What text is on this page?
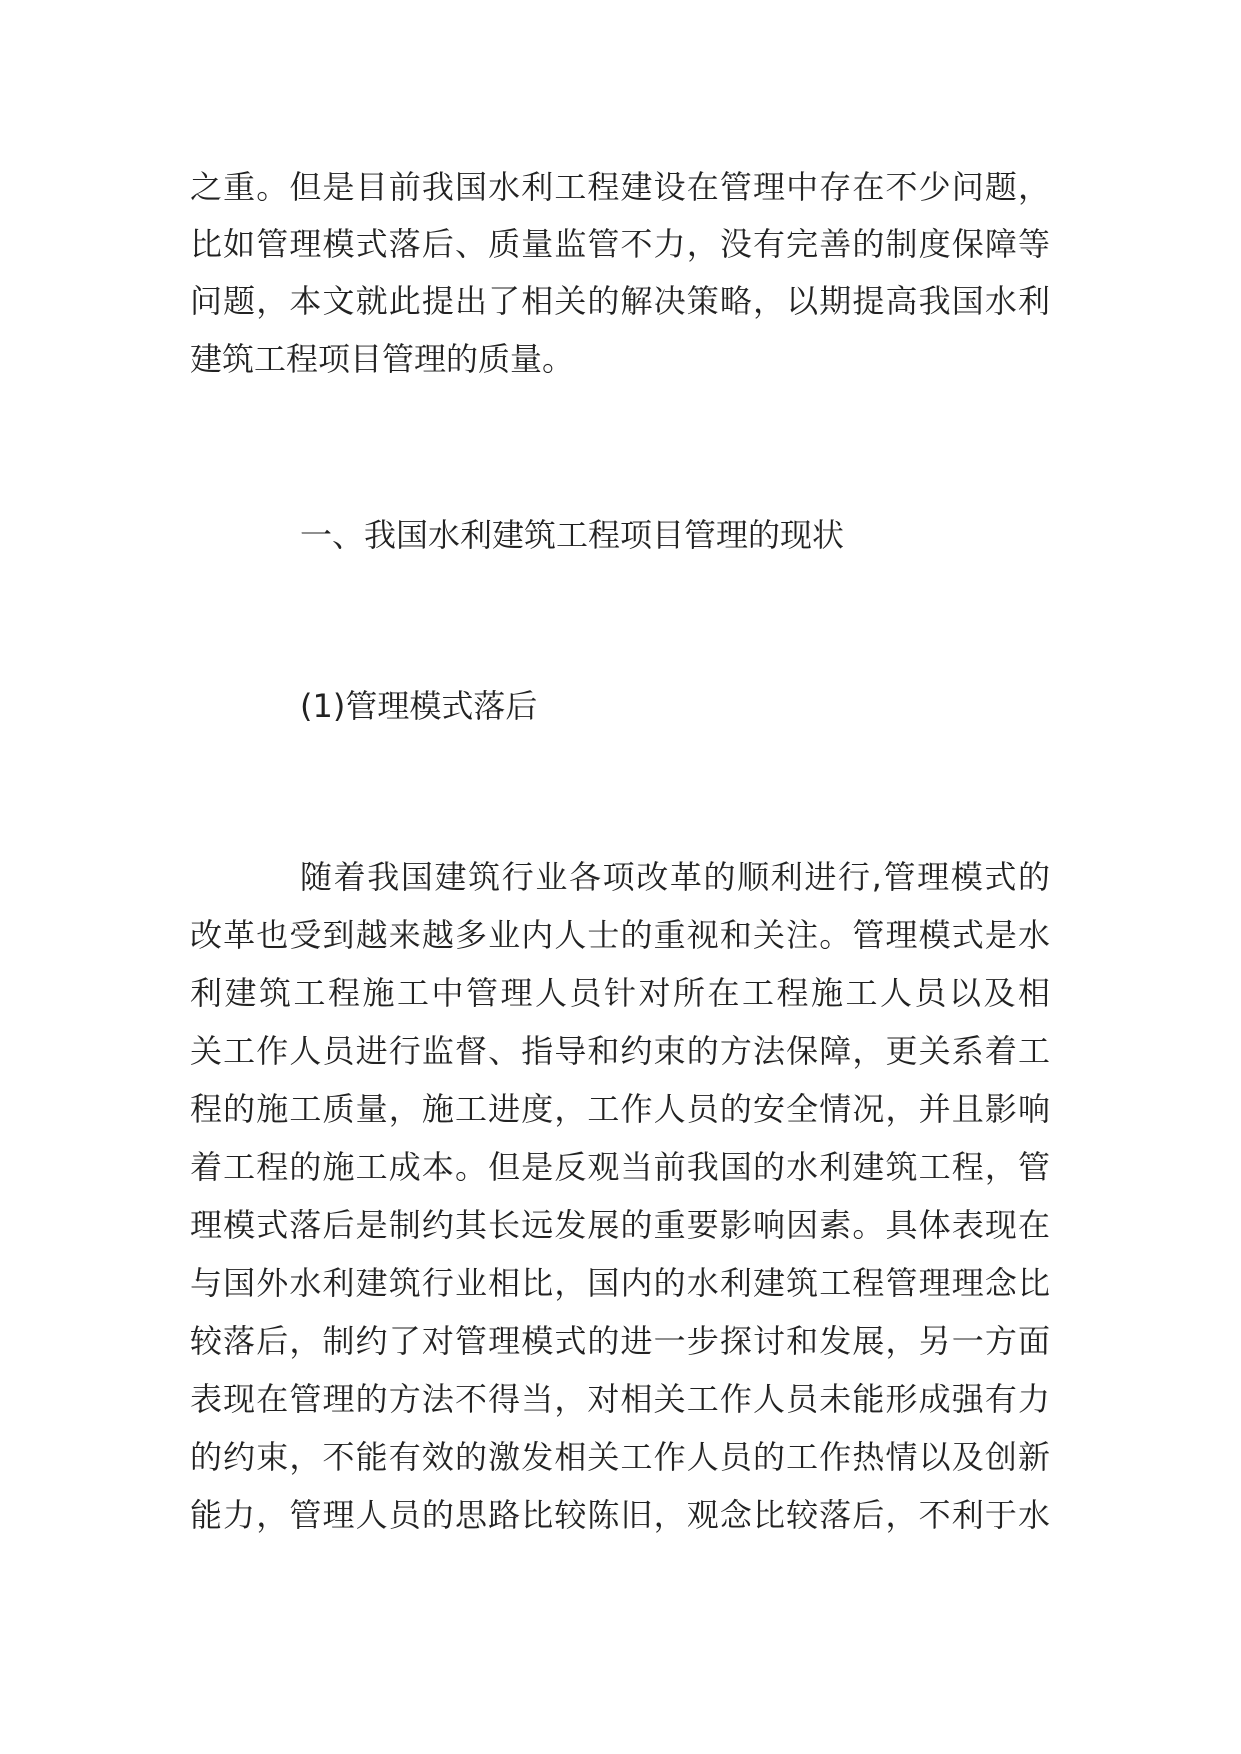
之重。但是目前我国水利工程建设在管理中存在不少问题，
比如管理模式落后、质量监管不力，没有完善的制度保障等
问题，本文就此提出了相关的解决策略，以期提高我国水利
建筑工程项目管理的质量。
一、我国水利建筑工程项目管理的现状
(1)管理模式落后
随着我国建筑行业各项改革的顺利进行,管理模式的
改革也受到越来越多业内人士的重视和关注。管理模式是水
利建筑工程施工中管理人员针对所在工程施工人员以及相
关工作人员进行监督、指导和约束的方法保障，更关系着工
程的施工质量，施工进度，工作人员的安全情况，并且影响
着工程的施工成本。但是反观当前我国的水利建筑工程，管
理模式落后是制约其长远发展的重要影响因素。具体表现在
与国外水利建筑行业相比，国内的水利建筑工程管理理念比
较落后，制约了对管理模式的进一步探讨和发展，另一方面
表现在管理的方法不得当，对相关工作人员未能形成强有力
的约束，不能有效的激发相关工作人员的工作热情以及创新
能力，管理人员的思路比较陈旧，观念比较落后，不利于水
